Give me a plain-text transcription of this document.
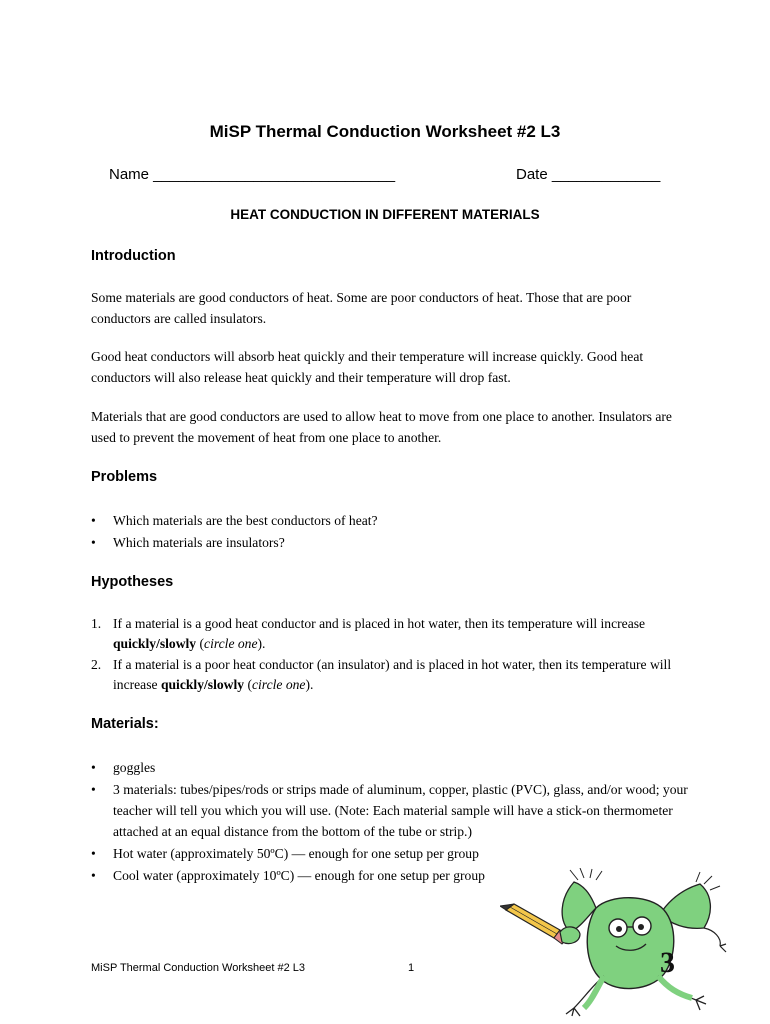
MiSP Thermal Conduction Worksheet #2 L3
Name _____________________________	Date _____________
HEAT CONDUCTION IN DIFFERENT MATERIALS
Introduction
Some materials are good conductors of heat. Some are poor conductors of heat. Those that are poor conductors are called insulators.
Good heat conductors will absorb heat quickly and their temperature will increase quickly. Good heat conductors will also release heat quickly and their temperature will drop fast.
Materials that are good conductors are used to allow heat to move from one place to another. Insulators are used to prevent the movement of heat from one place to another.
Problems
• Which materials are the best conductors of heat?
• Which materials are insulators?
Hypotheses
1. If a material is a good heat conductor and is placed in hot water, then its temperature will increase quickly/slowly (circle one).
2. If a material is a poor heat conductor (an insulator) and is placed in hot water, then its temperature will increase quickly/slowly (circle one).
Materials:
• goggles
• 3 materials: tubes/pipes/rods or strips made of aluminum, copper, plastic (PVC), glass, and/or wood; your teacher will tell you which you will use. (Note: Each material sample will have a stick-on thermometer attached at an equal distance from the bottom of the tube or strip.)
• Hot water (approximately 50ºC) — enough for one setup per group
• Cool water (approximately 10ºC) — enough for one setup per group
MiSP Thermal Conduction Worksheet #2 L3	1	3
